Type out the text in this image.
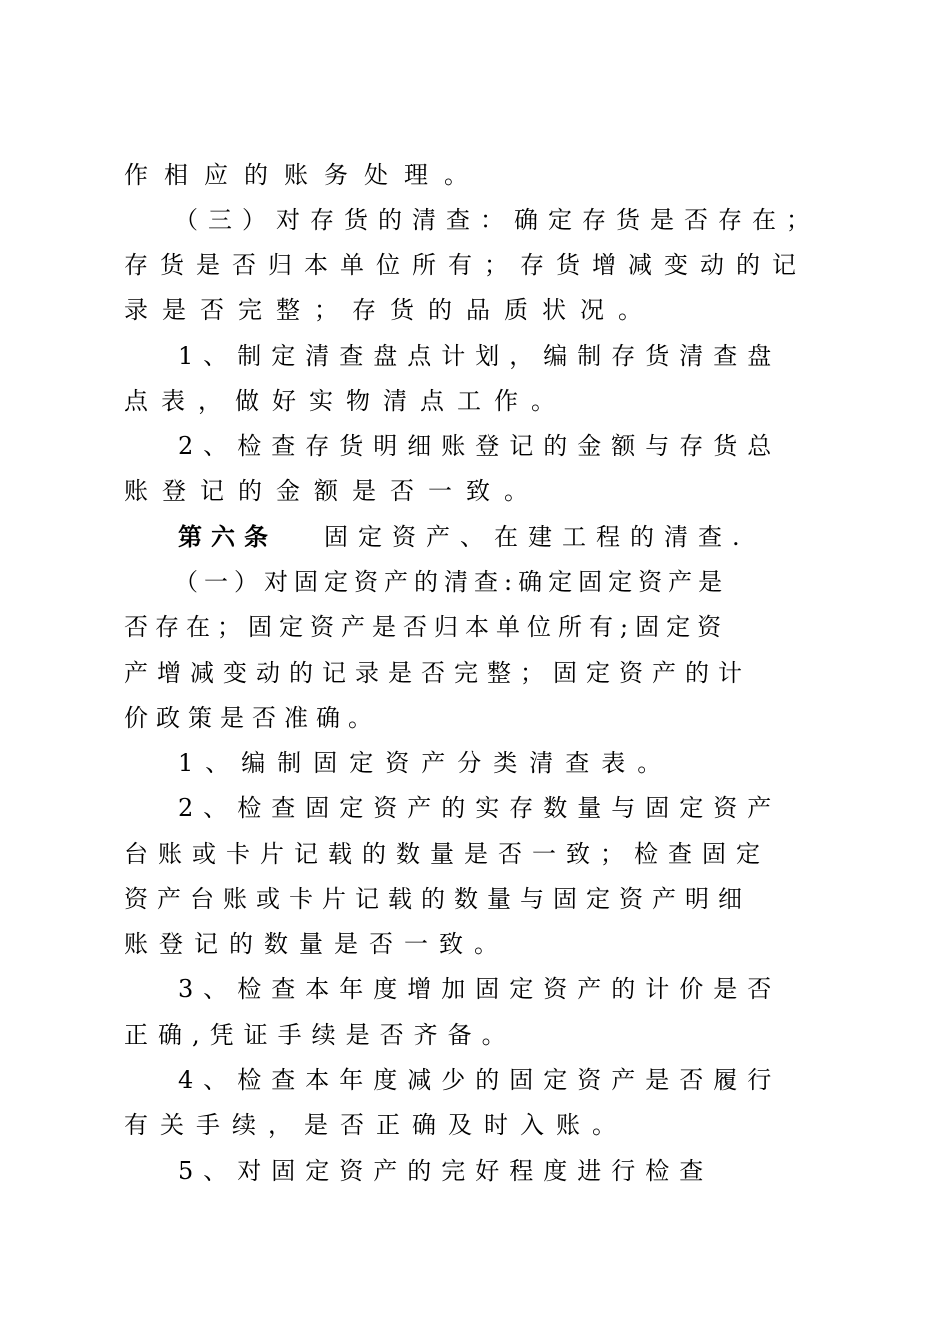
作相应的账务处理。
（三）对存货的清查：确定存货是否存在；
存货是否归本单位所有；存货增减变动的记
录是否完整；存货的品质状况。
1、制定清查盘点计划，编制存货清查盘
点表，做好实物清点工作。
2、检查存货明细账登记的金额与存货总
账登记的金额是否一致。
第六条 固定资产、在建工程的清查.
（一）对固定资产的清查:确定固定资产是
否存在；固定资产是否归本单位所有;固定资
产增减变动的记录是否完整；固定资产的计
价政策是否准确。
1、编制固定资产分类清查表。
2、检查固定资产的实存数量与固定资产
台账或卡片记载的数量是否一致；检查固定
资产台账或卡片记载的数量与固定资产明细
账登记的数量是否一致。
3、检查本年度增加固定资产的计价是否
正确,凭证手续是否齐备。
4、检查本年度减少的固定资产是否履行
有关手续，是否正确及时入账。
5、对固定资产的完好程度进行检查
